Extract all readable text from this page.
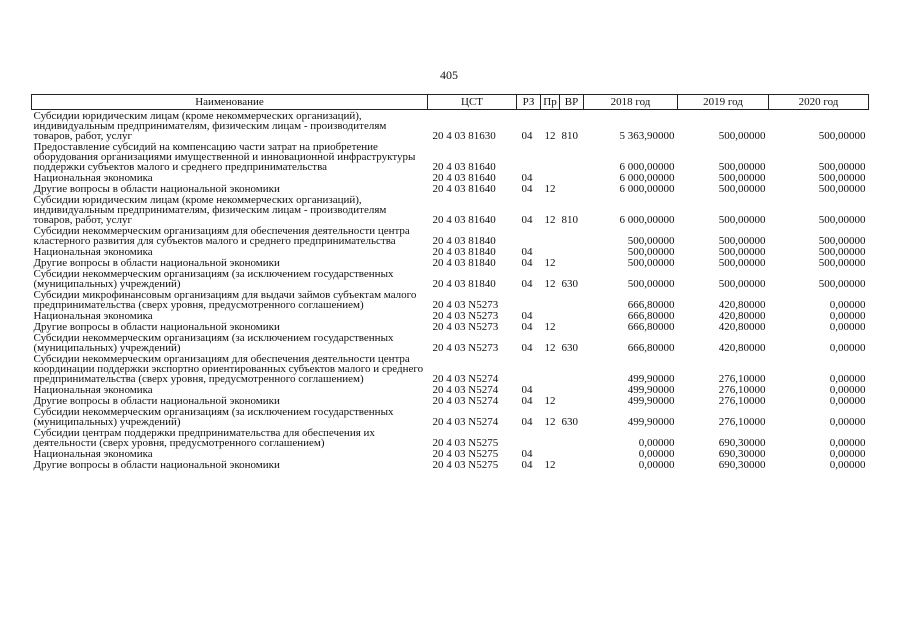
405
Наименование	ЦСТ	РЗ	Пр	ВР	2018 год	2019 год	2020 год
Субсидии юридическим лицам (кроме некоммерческих организаций), индивидуальным предпринимателям, физическим лицам - производителям товаров, работ, услуг	20 4 03 81630	04	12	810	5 363,90000	500,00000	500,00000
Предоставление субсидий на компенсацию части затрат на приобретение оборудования организациями имущественной и инновационной инфраструктуры поддержки субъектов малого и среднего предпринимательства	20 4 03 81640				6 000,00000	500,00000	500,00000
Национальная экономика	20 4 03 81640	04			6 000,00000	500,00000	500,00000
Другие вопросы в области национальной экономики	20 4 03 81640	04	12		6 000,00000	500,00000	500,00000
Субсидии юридическим лицам (кроме некоммерческих организаций), индивидуальным предпринимателям, физическим лицам - производителям товаров, работ, услуг	20 4 03 81640	04	12	810	6 000,00000	500,00000	500,00000
Субсидии некоммерческим организациям для обеспечения деятельности центра кластерного развития для субъектов малого и среднего предпринимательства	20 4 03 81840				500,00000	500,00000	500,00000
Национальная экономика	20 4 03 81840	04			500,00000	500,00000	500,00000
Другие вопросы в области национальной экономики	20 4 03 81840	04	12		500,00000	500,00000	500,00000
Субсидии некоммерческим организациям (за исключением государственных (муниципальных) учреждений)	20 4 03 81840	04	12	630	500,00000	500,00000	500,00000
Субсидии микрофинансовым организациям для выдачи займов субъектам малого предпринимательства (сверх уровня, предусмотренного соглашением)	20 4 03 N5273				666,80000	420,80000	0,00000
Национальная экономика	20 4 03 N5273	04			666,80000	420,80000	0,00000
Другие вопросы в области национальной экономики	20 4 03 N5273	04	12		666,80000	420,80000	0,00000
Субсидии некоммерческим организациям (за исключением государственных (муниципальных) учреждений)	20 4 03 N5273	04	12	630	666,80000	420,80000	0,00000
Субсидии некоммерческим организациям для обеспечения деятельности центра координации поддержки экспортно ориентированных субъектов малого и среднего предпринимательства (сверх уровня, предусмотренного соглашением)	20 4 03 N5274				499,90000	276,10000	0,00000
Национальная экономика	20 4 03 N5274	04			499,90000	276,10000	0,00000
Другие вопросы в области национальной экономики	20 4 03 N5274	04	12		499,90000	276,10000	0,00000
Субсидии некоммерческим организациям (за исключением государственных (муниципальных) учреждений)	20 4 03 N5274	04	12	630	499,90000	276,10000	0,00000
Субсидии центрам поддержки предпринимательства для обеспечения их деятельности (сверх уровня, предусмотренного соглашением)	20 4 03 N5275				0,00000	690,30000	0,00000
Национальная экономика	20 4 03 N5275	04			0,00000	690,30000	0,00000
Другие вопросы в области национальной экономики	20 4 03 N5275	04	12		0,00000	690,30000	0,00000
